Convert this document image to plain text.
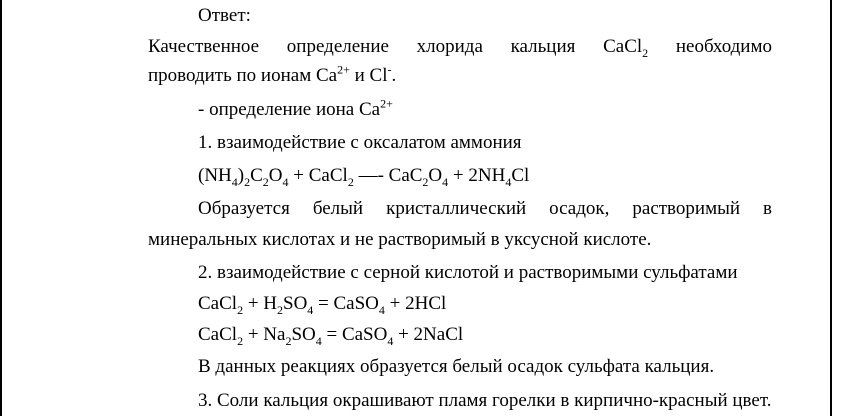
Ответ:
Качественное определение хлорида кальция CaCl$_2$ необходимо
проводить по ионам $Ca^{2+}$ и Cl-.
- определение иона $Ca^{2+}$
1. взаимодействие с оксалатом аммония
$(NH_4)_2C_2O_4$ + CaCl$_2$ —- $CaC_2O_4 + 2NH_4Cl$
Образуется белый кристаллический осадок, растворимый в
минеральных кислотах и не растворимый в уксусной кислоте.
2. взаимодействие с серной кислотой и растворимыми сульфатами
CaCl$_2$ + $H_2SO_4$ = CaSO$_4$ + 2HCl
CaCl$_2$ + $Na_2SO_4$ = CaSO$_4$ + 2NaCl
В данных реакциях образуется белый осадок сульфата кальция.
3. Соли кальция окрашивают пламя горелки в кирпично-красный цвет.
